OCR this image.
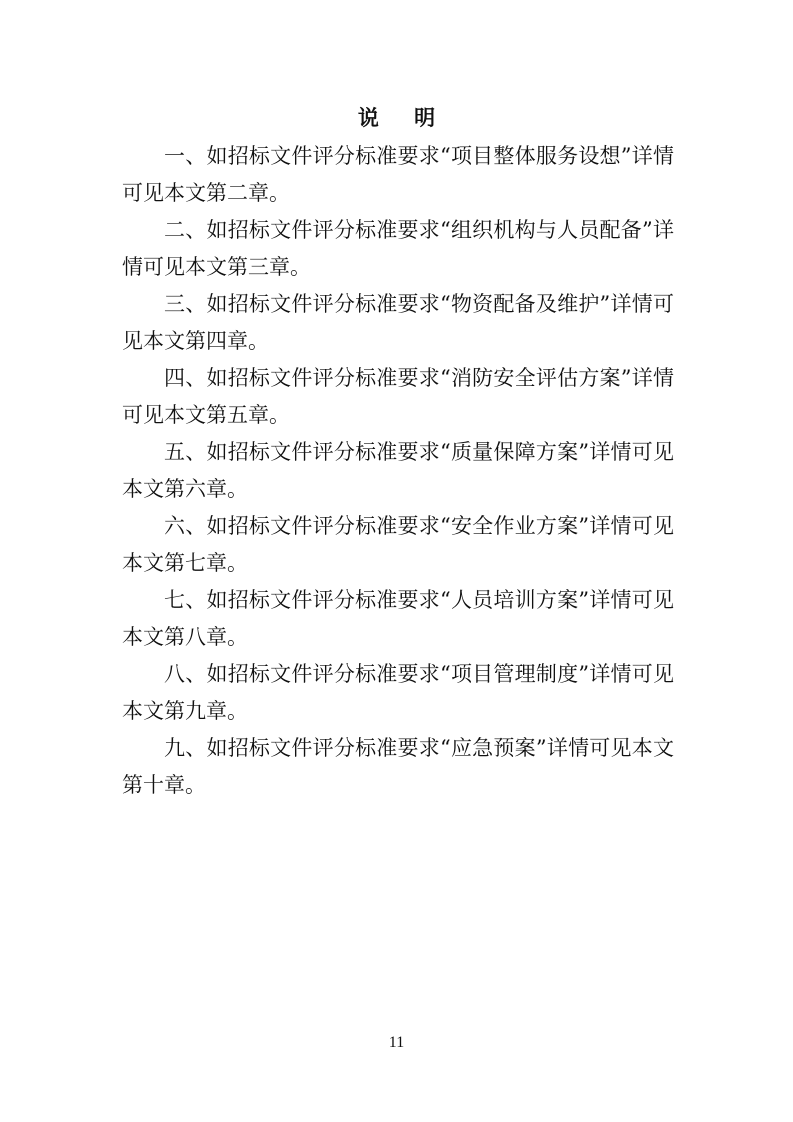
说 明

一、如招标文件评分标准要求“项目整体服务设想”详情可见本文第二章。

二、如招标文件评分标准要求“组织机构与人员配备”详情可见本文第三章。

三、如招标文件评分标准要求“物资配备及维护”详情可见本文第四章。

四、如招标文件评分标准要求“消防安全评估方案”详情可见本文第五章。

五、如招标文件评分标准要求“质量保障方案”详情可见本文第六章。

六、如招标文件评分标准要求“安全作业方案”详情可见本文第七章。

七、如招标文件评分标准要求“人员培训方案”详情可见本文第八章。

八、如招标文件评分标准要求“项目管理制度”详情可见本文第九章。

九、如招标文件评分标准要求“应急预案”详情可见本文第十章。

11
